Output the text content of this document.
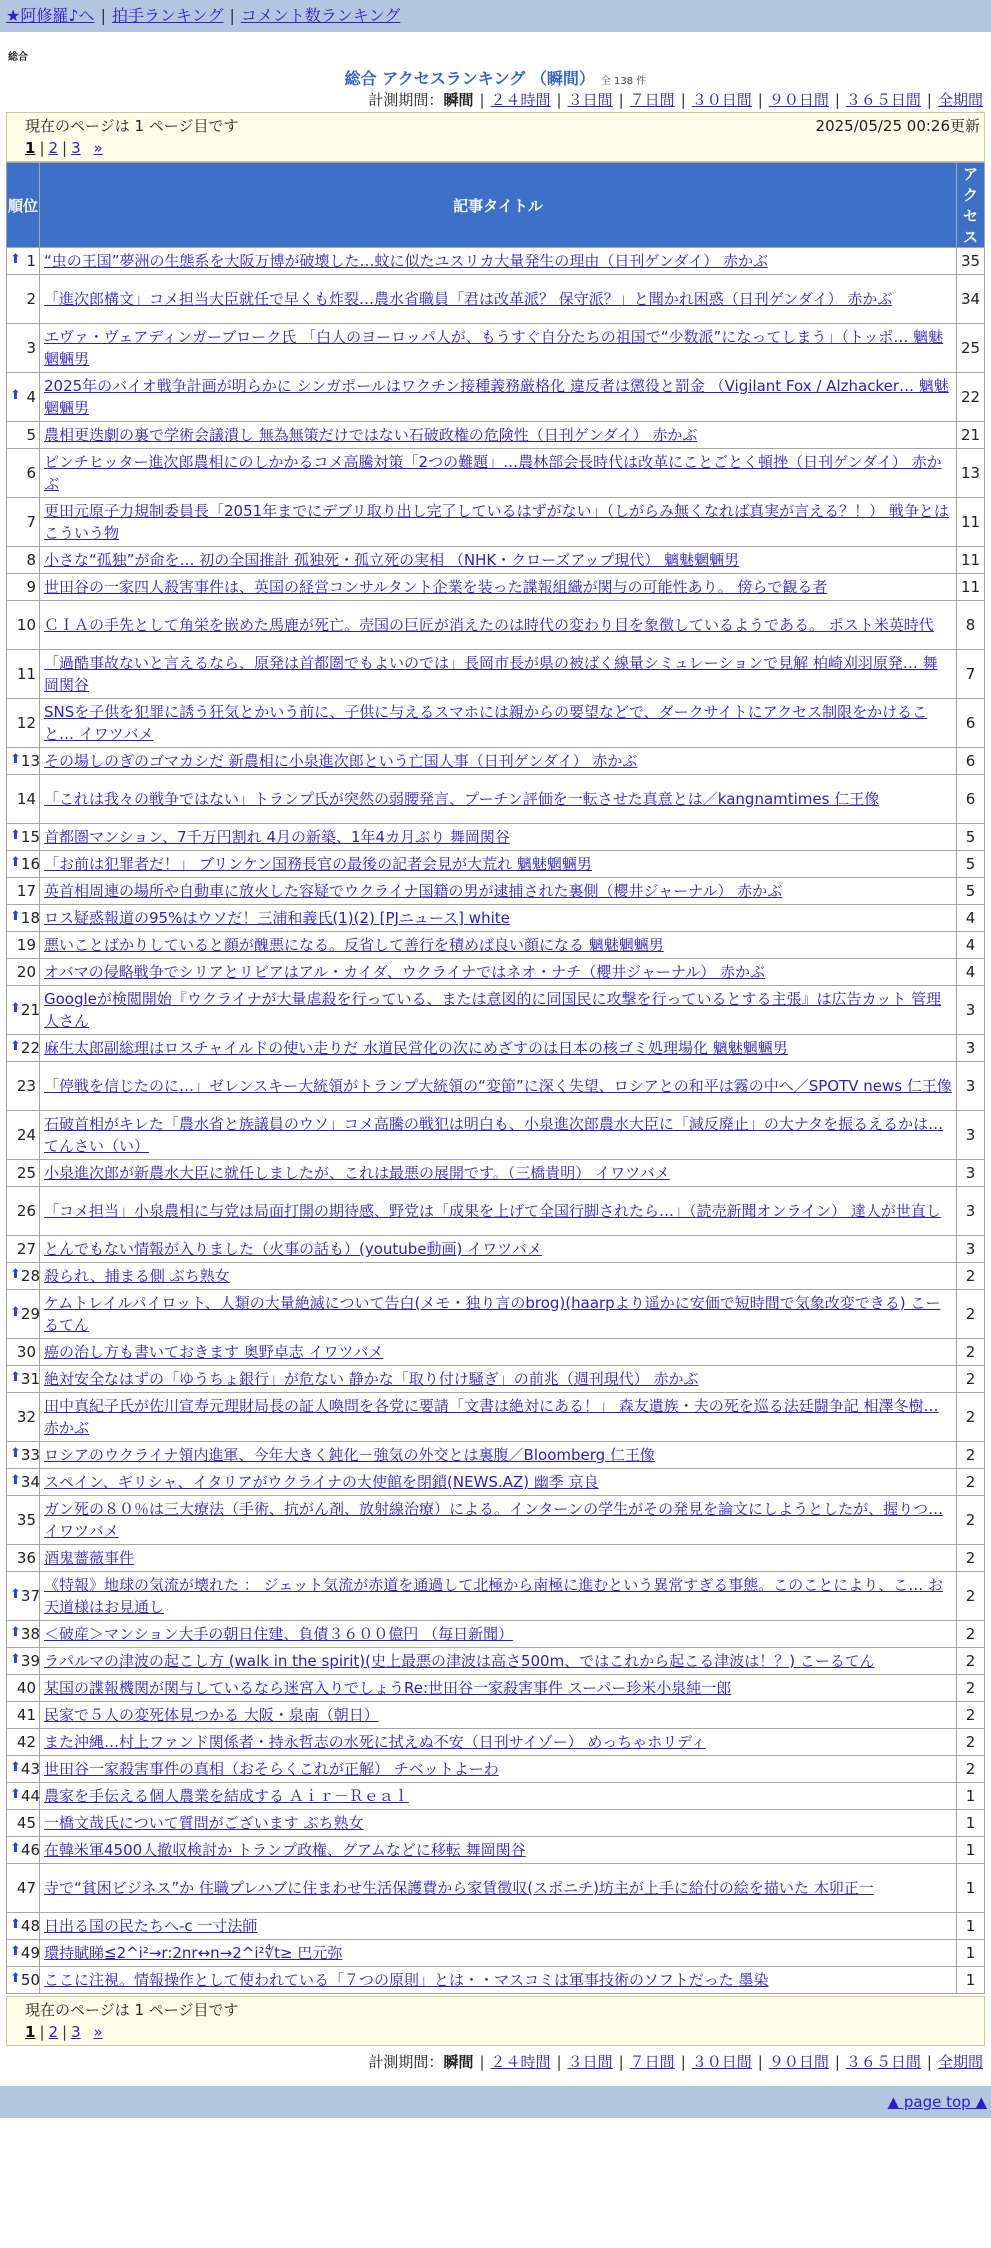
★阿修羅♪へ | 拍手ランキング | コメント数ランキング
総合
総合 アクセスランキング （瞬間） 全 138 件
計測期間：瞬間 | ２４時間 | ３日間 | ７日間 | ３０日間 | ９０日間 | ３６５日間 | 全期間
現在のページは 1 ページ目です	2025/05/25 00:26更新
1 | 2 | 3 »
順位	記事タイトル	アクセス

⬆ 1	“虫の王国”夢洲の生態系を大阪万博が破壊した…蚊に似たユスリカ大量発生の理由（日刊ゲンダイ） 赤かぶ	35
2	「進次郎構文」コメ担当大臣就任で早くも炸裂…農水省職員「君は改革派？ 保守派？」と聞かれ困惑（日刊ゲンダイ） 赤かぶ	34
3	エヴァ・ヴェアディンガーブローク氏 「白人のヨーロッパ人が、もうすぐ自分たちの祖国で“少数派”になってしまう」（トッポ… 魑魅魍魎男	25

⬆ 4	2025年のバイオ戦争計画が明らかに シンガポールはワクチン接種義務厳格化 違反者は懲役と罰金 （Vigilant Fox / Alzhacker… 魑魅魍魎男	22
5	農相更迭劇の裏で学術会議潰し 無為無策だけではない石破政権の危険性（日刊ゲンダイ） 赤かぶ	21
6	ピンチヒッター進次郎農相にのしかかるコメ高騰対策「2つの難題」…農林部会長時代は改革にことごとく頓挫（日刊ゲンダイ） 赤かぶ	13
7	更田元原子力規制委員長「2051年までにデブリ取り出し完了しているはずがない」（しがらみ無くなれば真実が言える？！） 戦争とはこういう物	11
8	小さな“孤独”が命を… 初の全国推計 孤独死・孤立死の実相 （NHK・クローズアップ現代） 魑魅魍魎男	11
9	世田谷の一家四人殺害事件は、英国の経営コンサルタント企業を装った諜報組織が関与の可能性あり。 傍らで観る者	11
10	ＣＩＡの手先として角栄を嵌めた馬鹿が死亡。売国の巨匠が消えたのは時代の変わり目を象徴しているようである。 ポスト米英時代	8
11	「過酷事故ないと言えるなら、原発は首都圏でもよいのでは」長岡市長が県の被ばく線量シミュレーションで見解 柏崎刈羽原発… 舞岡関谷	7
12	SNSを子供を犯罪に誘う狂気とかいう前に、子供に与えるスマホには親からの要望などで、ダークサイトにアクセス制限をかけること… イワツバメ	6

⬆ 13	その場しのぎのゴマカシだ 新農相に小泉進次郎という亡国人事（日刊ゲンダイ） 赤かぶ	6
14	「これは我々の戦争ではない」トランプ氏が突然の弱腰発言、プーチン評価を一転させた真意とは／kangnamtimes 仁王像	6

⬆ 15	首都圏マンション、7千万円割れ 4月の新築、1年4カ月ぶり 舞岡関谷	5

⬆ 16	「お前は犯罪者だ！」 ブリンケン国務長官の最後の記者会見が大荒れ 魑魅魍魎男	5
17	英首相周連の場所や自動車に放火した容疑でウクライナ国籍の男が逮捕された裏側（櫻井ジャーナル） 赤かぶ	5

⬆ 18	ロス疑惑報道の95%はウソだ！三浦和義氏(1)(2) [PJニュース] white	4
19	悪いことばかりしていると顔が醜悪になる。反省して善行を積めば良い顔になる 魑魅魍魎男	4
20	オバマの侵略戦争でシリアとリビアはアル・カイダ、ウクライナではネオ・ナチ（櫻井ジャーナル） 赤かぶ	4

⬆ 21	Googleが検閲開始『ウクライナが大量虐殺を行っている、または意図的に同国民に攻撃を行っているとする主張』は広告カット 管理人さん	3

⬆ 22	麻生太郎副総理はロスチャイルドの使い走りだ 水道民営化の次にめざすのは日本の核ゴミ処理場化 魑魅魍魎男	3
23	「停戦を信じたのに…」ゼレンスキー大統領がトランプ大統領の“変節”に深く失望、ロシアとの和平は霧の中へ／SPOTV news 仁王像	3
24	石破首相がキレた「農水省と族議員のウソ」コメ高騰の戦犯は明白も、小泉進次郎農水大臣に「減反廃止」の大ナタを振るえるかは… てんさい（い）	3
25	小泉進次郎が新農水大臣に就任しましたが、これは最悪の展開です。（三橋貴明） イワツバメ	3
26	「コメ担当」小泉農相に与党は局面打開の期待感、野党は「成果を上げて全国行脚されたら…」（読売新聞オンライン） 達人が世直し	3
27	とんでもない情報が入りました（火事の話も）(youtube動画) イワツバメ	3

⬆ 28	殺られ、捕まる側 ぶち熟女	2

⬆ 29	ケムトレイルパイロット、人類の大量絶滅について告白(メモ・独り言のbrog)(haarpより遥かに安価で短時間で気象改変できる) こーるてん	2
30	癌の治し方も書いておきます 奥野卓志 イワツバメ	2

⬆ 31	絶対安全なはずの「ゆうちょ銀行」が危ない 静かな「取り付け騒ぎ」の前兆（週刊現代） 赤かぶ	2
32	田中真紀子氏が佐川宣寿元理財局長の証人喚問を各党に要請「文書は絶対にある！」 森友遺族・夫の死を巡る法廷闘争記 相澤冬樹… 赤かぶ	2

⬆ 33	ロシアのウクライナ領内進軍、今年大きく鈍化－強気の外交とは裏腹／Bloomberg 仁王像	2

⬆ 34	スペイン、ギリシャ、イタリアがウクライナの大使館を閉鎖(NEWS.AZ) 幽季 京良	2
35	ガン死の８０％は三大療法（手術、抗がん剤、放射線治療）による。インターンの学生がその発見を論文にしようとしたが、握りつ… イワツバメ	2
36	酒鬼薔薇事件	2

⬆ 37	《特報》地球の気流が壊れた ： ジェット気流が赤道を通過して北極から南極に進むという異常すぎる事態。このことにより、こ… お天道様はお見通し	2

⬆ 38	＜破産＞マンション大手の朝日住建、負債３６００億円 （毎日新聞）	2

⬆ 39	ラパルマの津波の起こし方 (walk in the spirit)(史上最悪の津波は高さ500m、ではこれから起こる津波は！？) こーるてん	2
40	某国の諜報機関が関与しているなら迷宮入りでしょうRe:世田谷一家殺害事件 スーパー珍米小泉純一郎	2
41	民家で５人の変死体見つかる 大阪・泉南（朝日）	2
42	また沖縄…村上ファンド関係者・持永哲志の水死に拭えぬ不安（日刊サイゾー） めっちゃホリディ	2

⬆ 43	世田谷一家殺害事件の真相（おそらくこれが正解） チベットよーわ	2

⬆ 44	農家を手伝える個人農業を結成する Ａｉｒ－Ｒｅａｌ	1
45	一橋文哉氏について質問がございます ぶち熟女	1

⬆ 46	在韓米軍4500人撤収検討か トランプ政権、グアムなどに移転 舞岡関谷	1
47	寺で“貧困ビジネス”か 住職プレハブに住まわせ生活保護費から家賃徴収(スポニチ)坊主が上手に給付の絵を描いた 木卯正一	1

⬆ 48	日出る国の民たちへ-c 一寸法師	1

⬆ 49	環持賦睇≦2^i²→r:2nr↔n→2^i²∜t≥ 巴元弥	1

⬆ 50	ここに注視。情報操作として使われている「７つの原則」とは・・マスコミは軍事技術のソフトだった 墨染	1
現在のページは 1 ページ目です
1 | 2 | 3 »
計測期間：瞬間 | ２４時間 | ３日間 | ７日間 | ３０日間 | ９０日間 | ３６５日間 | 全期間
▲ page top ▲
